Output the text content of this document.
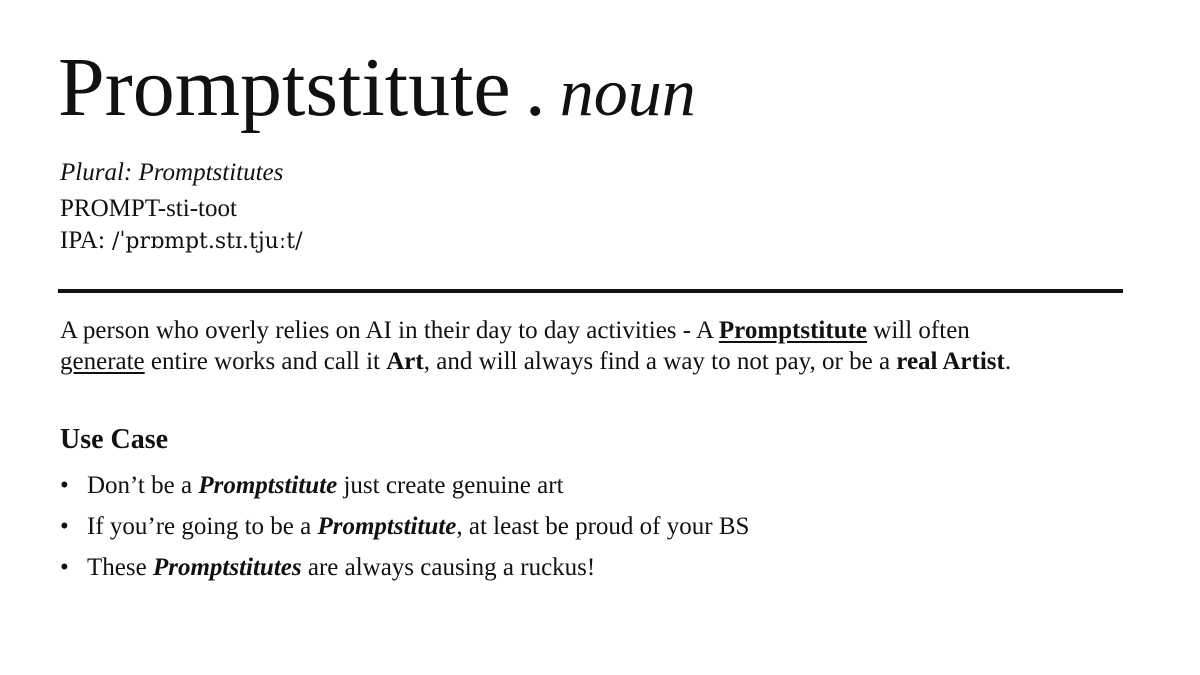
Promptstitute . noun
Plural: Promptstitutes
PROMPT-sti-toot
IPA: /ˈprɒmpt.stɪ.tjuːt/
A person who overly relies on AI in their day to day activities - A Promptstitute will often generate entire works and call it Art, and will always find a way to not pay, or be a real Artist.
Use Case
• Don’t be a Promptstitute just create genuine art
• If you’re going to be a Promptstitute, at least be proud of your BS
• These Promptstitutes are always causing a ruckus!
